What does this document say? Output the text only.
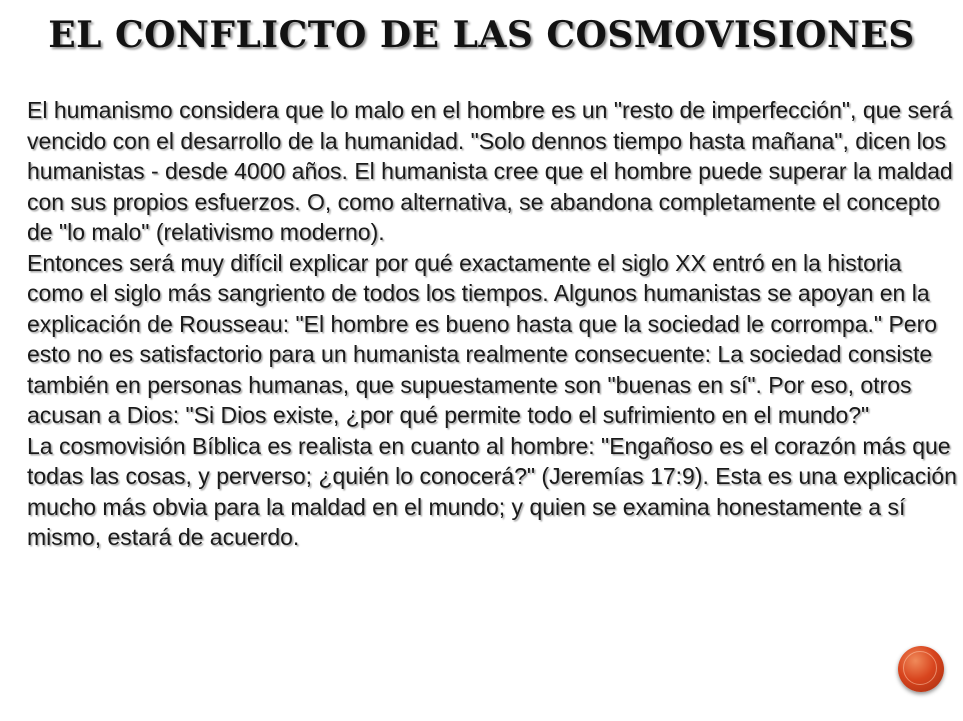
EL CONFLICTO DE LAS COSMOVISIONES

El humanismo considera que lo malo en el hombre es un "resto de imperfección", que será vencido con el desarrollo de la humanidad. "Solo dennos tiempo hasta mañana", dicen los humanistas - desde 4000 años. El humanista cree que el hombre puede superar la maldad con sus propios esfuerzos. O, como alternativa, se abandona completamente el concepto de "lo malo" (relativismo moderno).

Entonces será muy difícil explicar por qué exactamente el siglo XX entró en la historia como el siglo más sangriento de todos los tiempos. Algunos humanistas se apoyan en la explicación de Rousseau: "El hombre es bueno hasta que la sociedad le corrompa." Pero esto no es satisfactorio para un humanista realmente consecuente: La sociedad consiste también en personas humanas, que supuestamente son "buenas en sí". Por eso, otros acusan a Dios: "Si Dios existe, ¿por qué permite todo el sufrimiento en el mundo?"

La cosmovisión Bíblica es realista en cuanto al hombre: "Engañoso es el corazón más que todas las cosas, y perverso; ¿quién lo conocerá?" (Jeremías 17:9). Esta es una explicación mucho más obvia para la maldad en el mundo; y quien se examina honestamente a sí mismo, estará de acuerdo.
